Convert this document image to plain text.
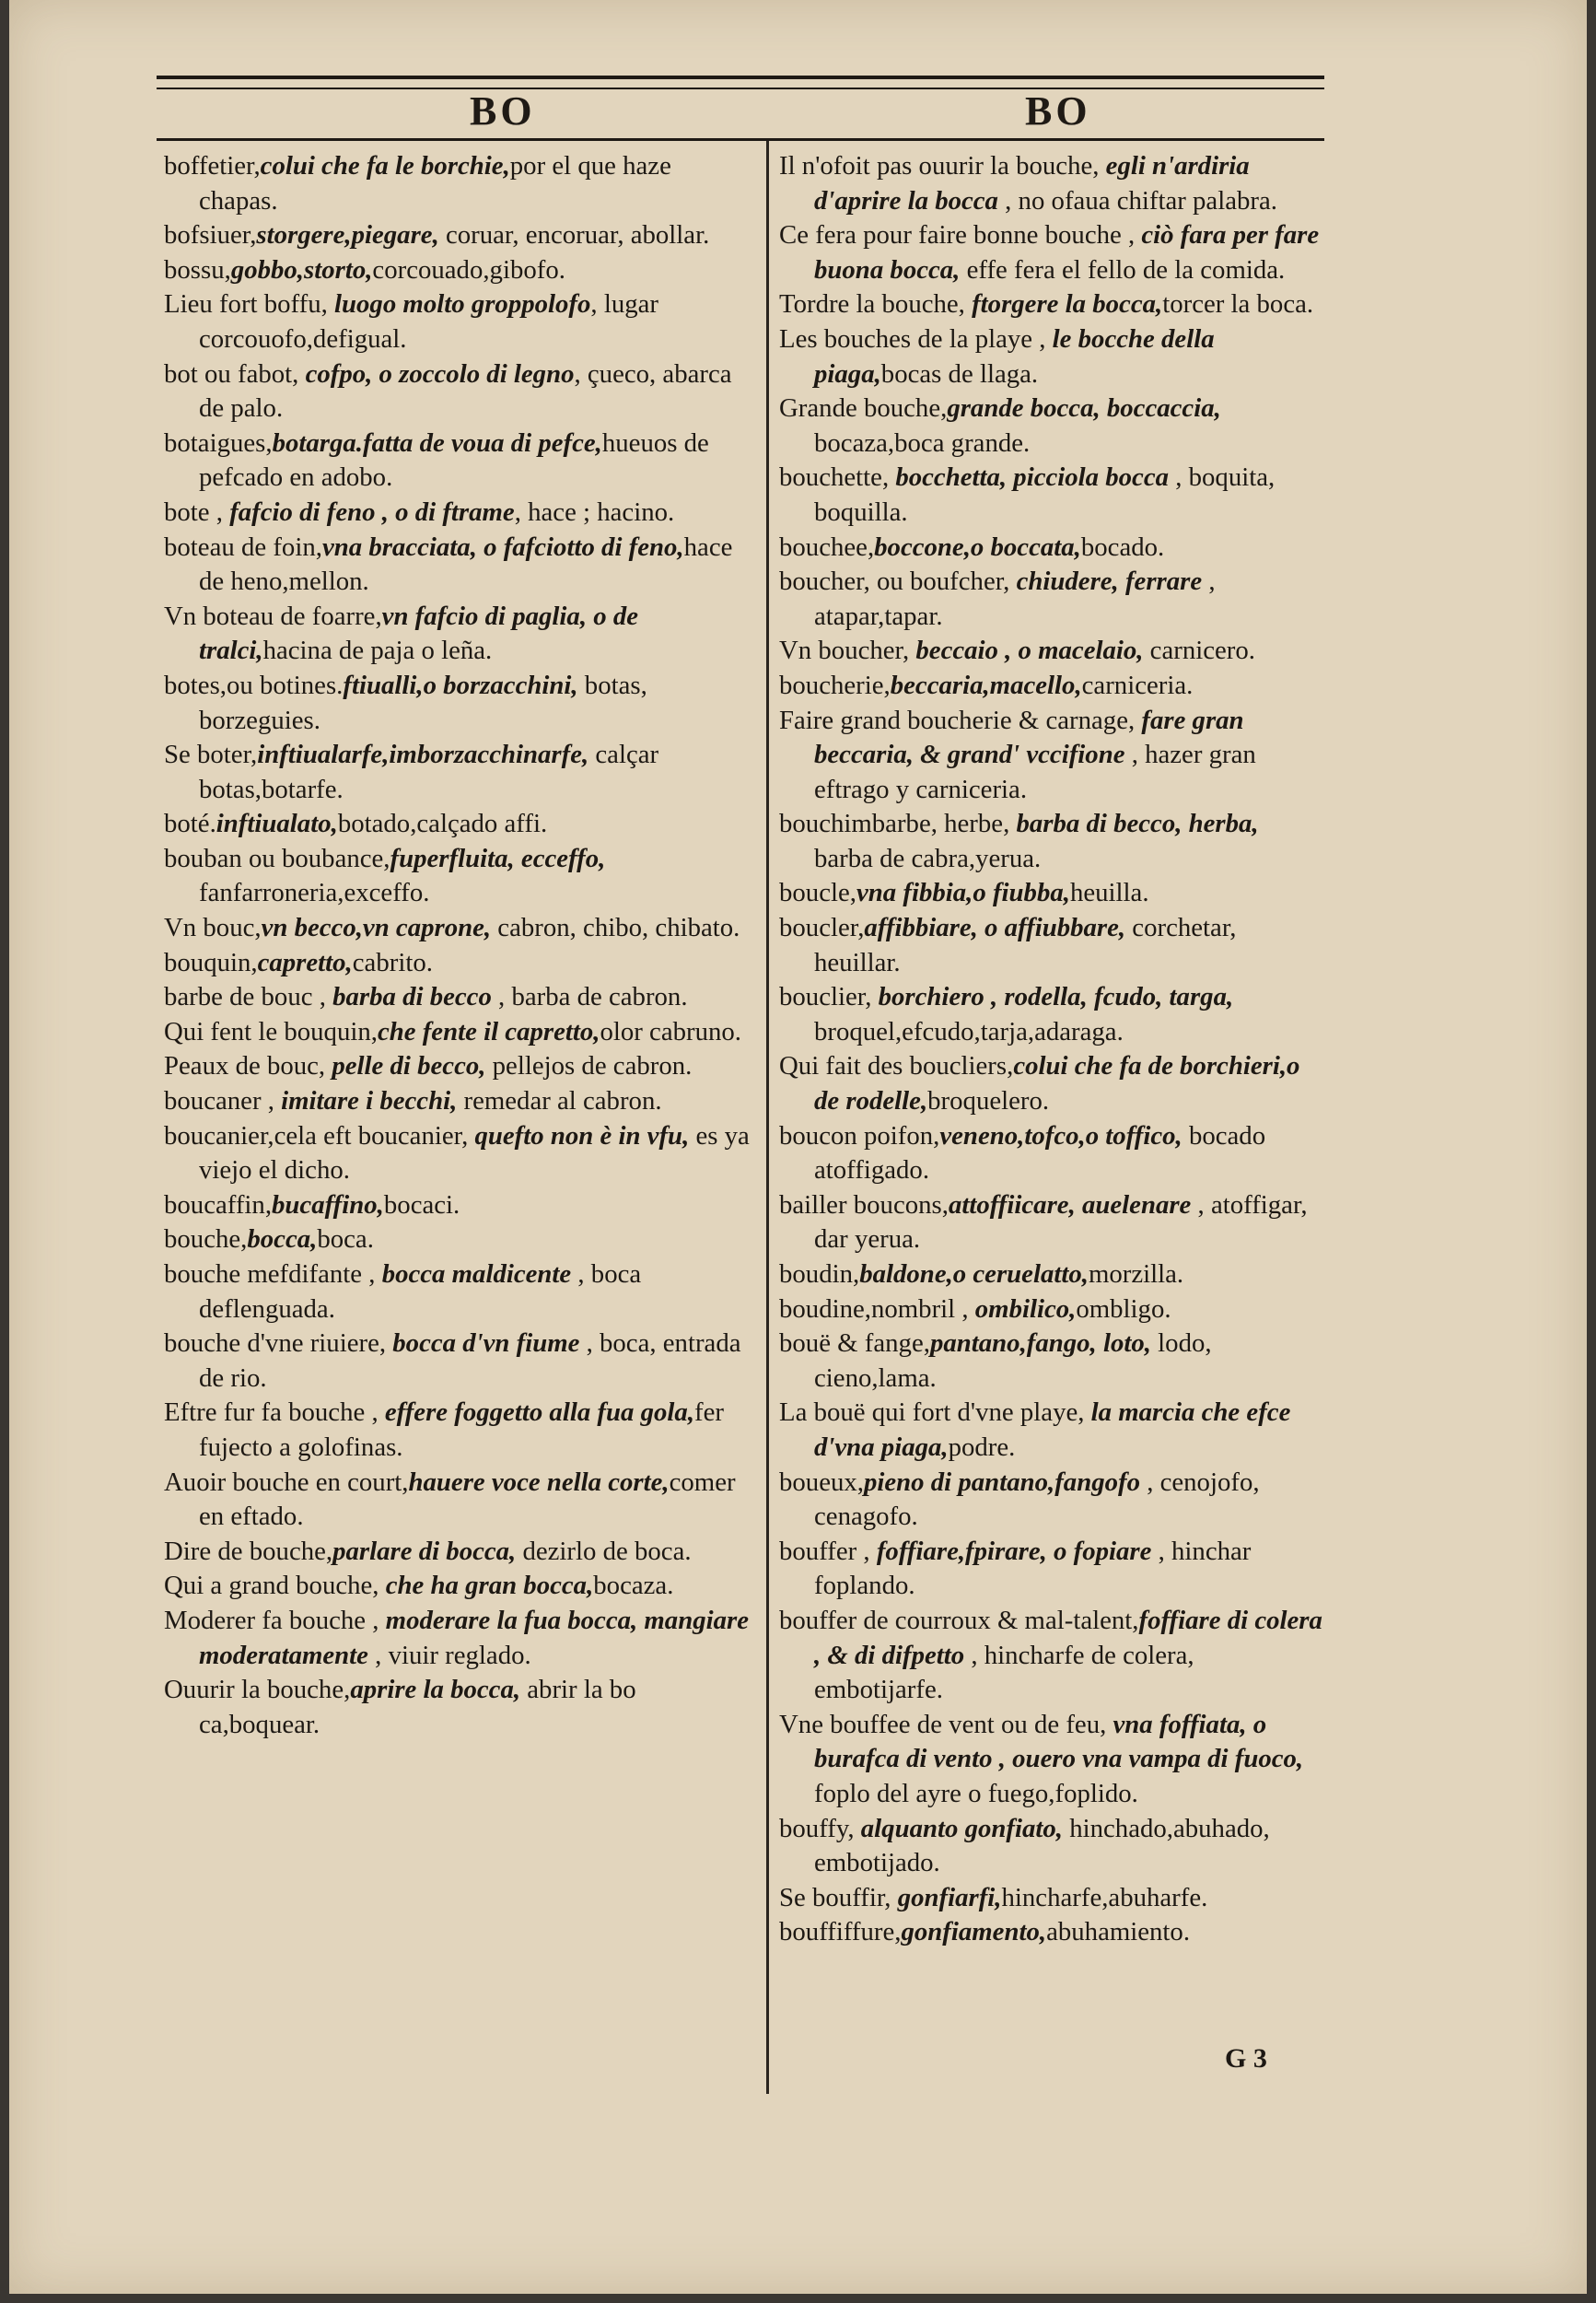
BO	BO

boffetier,colui che fa le borchie,por el que haze chapas.

bofsiuer,storgere,piegare, coruar, encoruar, abollar.

bossu,gobbo,storto,corcouado,gibofo.

Lieu fort boffu, luogo molto groppolofo, lugar corcouofo,defigual.

bot ou fabot, cofpo, o zoccolo di legno, çueco, abarca de palo.

botaigues,botarga.fatta de voua di pefce,hueuos de pefcado en adobo.

bote , fafcio di feno , o di ftrame, hace ; hacino.

boteau de foin,vna bracciata, o fafciotto di feno,hace de heno,mellon.

Vn boteau de foarre,vn fafcio di paglia, o de tralci,hacina de paja o leña.

botes,ou botines.ftiualli,o borzacchini, botas, borzeguies.

Se boter,inftiualarfe,imborzacchinarfe, calçar botas,botarfe.

boté.inftiualato,botado,calçado affi.

bouban ou boubance,fuperfluita, ecceffo, fanfarroneria,exceffo.

Vn bouc,vn becco,vn caprone, cabron, chibo, chibato.

bouquin,capretto,cabrito.

barbe de bouc , barba di becco , barba de cabron.

Qui fent le bouquin,che fente il capretto,olor cabruno.

Peaux de bouc, pelle di becco, pellejos de cabron.

boucaner , imitare i becchi, remedar al cabron.

boucanier,cela eft boucanier, quefto non è in vfu, es ya viejo el dicho.

boucaffin,bucaffino,bocaci.

bouche,bocca,boca.

bouche mefdifante , bocca maldicente , boca deflenguada.

bouche d'vne riuiere, bocca d'vn fiume , boca, entrada de rio.

Eftre fur fa bouche , effere foggetto alla fua gola,fer fujecto a golofinas.

Auoir bouche en court,hauere voce nella corte,comer en eftado.

Dire de bouche,parlare di bocca, dezirlo de boca.

Qui a grand bouche, che ha gran bocca,bocaza.

Moderer fa bouche , moderare la fua bocca, mangiare moderatamente , viuir reglado.

Ouurir la bouche,aprire la bocca, abrir la bo ca,boquear.

Il n'ofoit pas ouurir la bouche, egli n'ardiria d'aprire la bocca , no ofaua chiftar palabra.

Ce fera pour faire bonne bouche , ciò fara per fare buona bocca, effe fera el fello de la comida.

Tordre la bouche, ftorgere la bocca,torcer la boca.

Les bouches de la playe , le bocche della piaga,bocas de llaga.

Grande bouche,grande bocca, boccaccia, bocaza,boca grande.

bouchette, bocchetta, picciola bocca , boquita, boquilla.

bouchee,boccone,o boccata,bocado.

boucher, ou boufcher, chiudere, ferrare , atapar,tapar.

Vn boucher, beccaio , o macelaio, carnicero.

boucherie,beccaria,macello,carniceria.

Faire grand boucherie & carnage, fare gran beccaria, & grand' vccifione , hazer gran eftrago y carniceria.

bouchimbarbe, herbe, barba di becco, herba, barba de cabra,yerua.

boucle,vna fibbia,o fiubba,heuilla.

boucler,affibbiare, o affiubbare, corchetar, heuillar.

bouclier, borchiero , rodella, fcudo, targa, broquel,efcudo,tarja,adaraga.

Qui fait des boucliers,colui che fa de borchieri,o de rodelle,broquelero.

boucon poifon,veneno,tofco,o toffico, bocado atoffigado.

bailler boucons,attoffiicare, auelenare , atoffigar, dar yerua.

boudin,baldone,o ceruelatto,morzilla.

boudine,nombril , ombilico,ombligo.

bouë & fange,pantano,fango, loto, lodo, cieno,lama.

La bouë qui fort d'vne playe, la marcia che efce d'vna piaga,podre.

boueux,pieno di pantano,fangofo , cenojofo, cenagofo.

bouffer , foffiare,fpirare, o fopiare , hinchar foplando.

bouffer de courroux & mal-talent,foffiare di colera , & di difpetto , hincharfe de colera, embotijarfe.

Vne bouffee de vent ou de feu, vna foffiata, o burafca di vento , ouero vna vampa di fuoco, foplo del ayre o fuego,foplido.

bouffy, alquanto gonfiato, hinchado,abuhado, embotijado.

Se bouffir, gonfiarfi,hincharfe,abuharfe.

bouffiffure,gonfiamento,abuhamiento.

G 3
